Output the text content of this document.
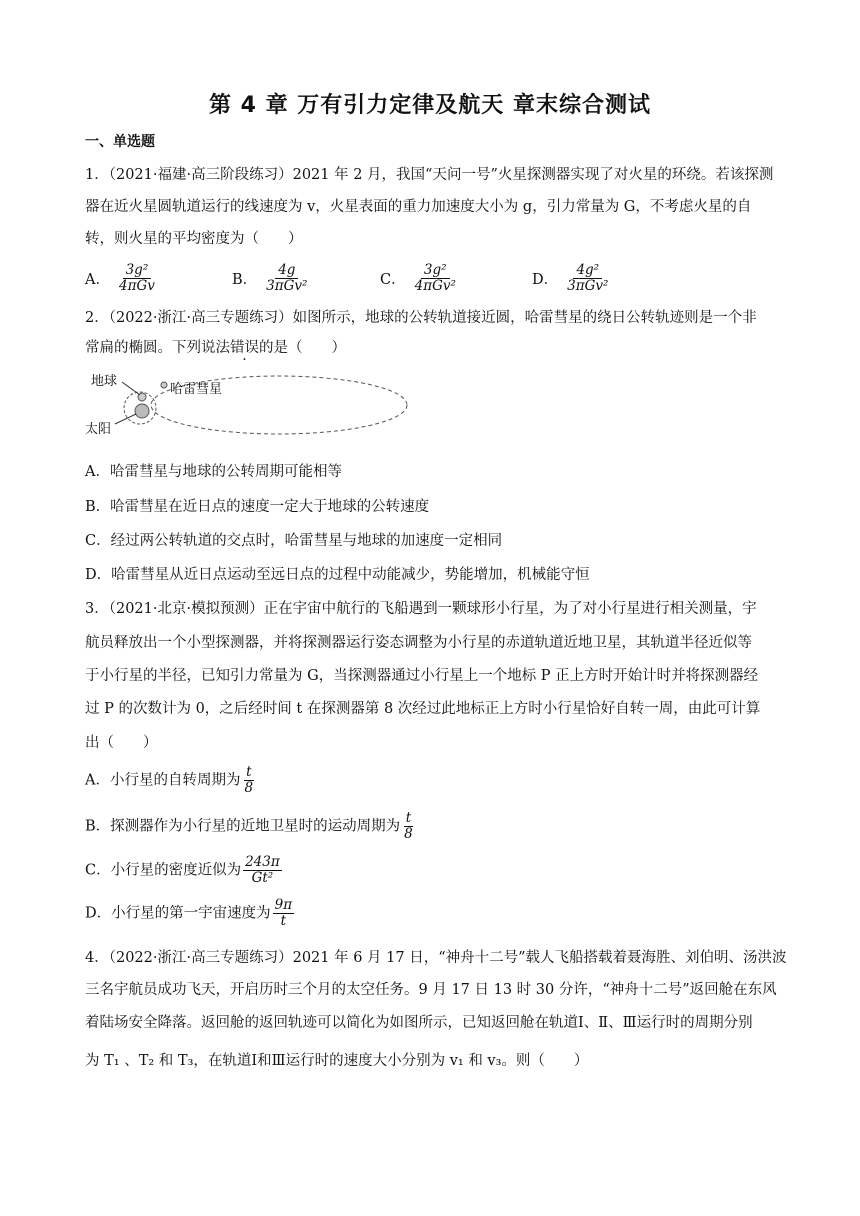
第 4 章 万有引力定律及航天 章末综合测试
一、单选题
1．（2021·福建·高三阶段练习）2021 年 2 月，我国“天问一号”火星探测器实现了对火星的环绕。若该探测
器在近火星圆轨道运行的线速度为 v，火星表面的重力加速度大小为 g，引力常量为 G，不考虑火星的自
转，则火星的平均密度为（　　）
A． $\frac{\text{3g²}}{\text{4πGv}}$	B． $\frac{4g}{\text{3πGv²}}$	C． $\frac{\text{3g²}}{\text{4πGv²}}$	D． $\frac{\text{4g²}}{\text{3πGv²}}$
2．（2022·浙江·高三专题练习）如图所示，地球的公转轨道接近圆，哈雷彗星的绕日公转轨迹则是一个非
常扁的椭圆。下列说法错误的是（　　）
地球
哈雷彗星
太阳
A．哈雷彗星与地球的公转周期可能相等
B．哈雷彗星在近日点的速度一定大于地球的公转速度
C．经过两公转轨道的交点时，哈雷彗星与地球的加速度一定相同
D．哈雷彗星从近日点运动至远日点的过程中动能减少，势能增加，机械能守恒
3．（2021·北京·模拟预测）正在宇宙中航行的飞船遇到一颗球形小行星，为了对小行星进行相关测量，宇
航员释放出一个小型探测器，并将探测器运行姿态调整为小行星的赤道轨道近地卫星，其轨道半径近似等
于小行星的半径，已知引力常量为 G，当探测器通过小行星上一个地标 P 正上方时开始计时并将探测器经
过 P 的次数计为 0，之后经时间 t 在探测器第 8 次经过此地标正上方时小行星恰好自转一周，由此可计算
出（　　）
A．小行星的自转周期为 $\frac{t}{8}$
B．探测器作为小行星的近地卫星时的运动周期为 $\frac{t}{8}$
C．小行星的密度近似为 $\frac{243\pi}{\text{Gt²}}$
D．小行星的第一宇宙速度为 $\frac{9\pi}{t}$
4．（2022·浙江·高三专题练习）2021 年 6 月 17 日，“神舟十二号”载人飞船搭载着聂海胜、刘伯明、汤洪波
三名宇航员成功飞天，开启历时三个月的太空任务。9 月 17 日 13 时 30 分许，“神舟十二号”返回舱在东风
着陆场安全降落。返回舱的返回轨迹可以简化为如图所示，已知返回舱在轨道Ⅰ、Ⅱ、Ⅲ运行时的周期分别
为 T₁ 、T₂ 和 T₃，在轨道Ⅰ和Ⅲ运行时的速度大小分别为 v₁ 和 v₃。则（　　）
